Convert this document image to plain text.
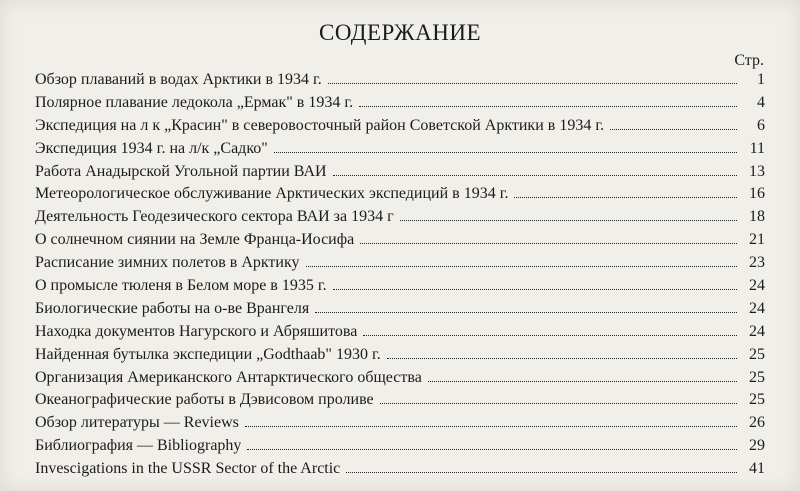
СОДЕРЖАНИЕ
Стр.
Обзор плаваний в водах Арктики в 1934 г.	1
Полярное плавание ледокола „Ермак" в 1934 г.	4
Экспедиция на л к „Красин" в северовосточный район Советской Арктики в 1934 г.	6
Экспедиция 1934 г. на л/к „Садко"	11
Работа Анадырской Угольной партии ВАИ	13
Метеорологическое обслуживание Арктических экспедиций в 1934 г.	16
Деятельность Геодезического сектора ВАИ за 1934 г	18
О солнечном сиянии на Земле Франца-Иосифа	21
Расписание зимних полетов в Арктику	23
О промысле тюленя в Белом море в 1935 г.	24
Биологические работы на о-ве Врангеля	24
Находка документов Нагурского и Абряшитова	24
Найденная бутылка экспедиции „Godthaab" 1930 г.	25
Организация Американского Антарктического общества	25
Океанографические работы в Дэвисовом проливе	25
Обзор литературы — Reviews	26
Библиография — Bibliography	29
Invescigations in the USSR Sector of the Arctic	41
